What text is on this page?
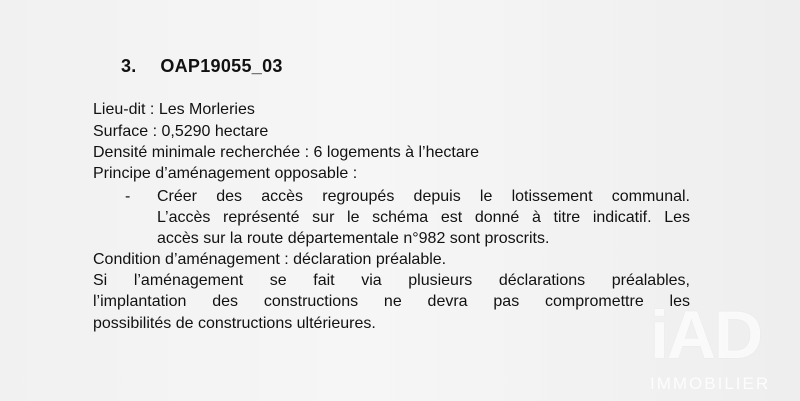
3. OAP19055_03
Lieu-dit : Les Morleries
Surface : 0,5290 hectare
Densité minimale recherchée : 6 logements à l’hectare
Principe d’aménagement opposable :
- Créer des accès regroupés depuis le lotissement communal.
L’accès représenté sur le schéma est donné à titre indicatif. Les
accès sur la route départementale n°982 sont proscrits.
Condition d’aménagement : déclaration préalable.
Si l’aménagement se fait via plusieurs déclarations préalables,
l’implantation des constructions ne devra pas compromettre les
possibilités de constructions ultérieures.	iAD
IMMOBILIER
